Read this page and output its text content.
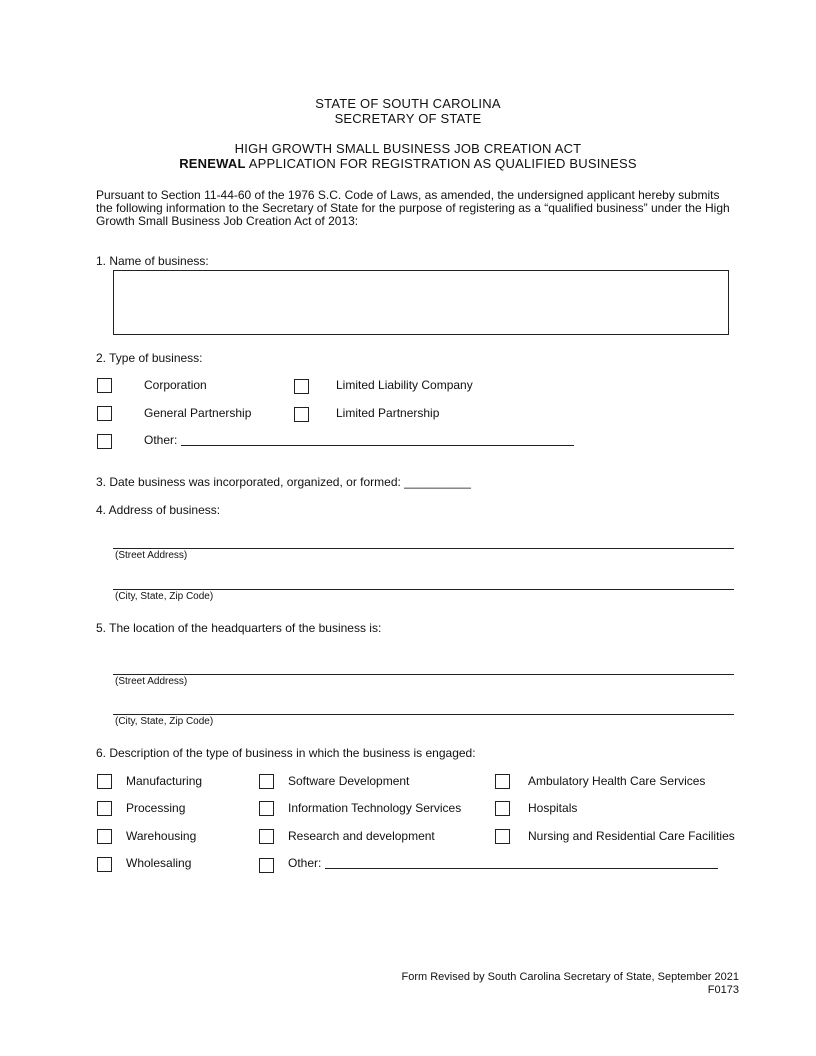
STATE OF SOUTH CAROLINA
SECRETARY OF STATE
HIGH GROWTH SMALL BUSINESS JOB CREATION ACT
RENEWAL APPLICATION FOR REGISTRATION AS QUALIFIED BUSINESS
Pursuant to Section 11-44-60 of the 1976 S.C. Code of Laws, as amended, the undersigned applicant hereby submits
the following information to the Secretary of State for the purpose of registering as a “qualified business” under the High
Growth Small Business Job Creation Act of 2013:
1. Name of business:
2. Type of business:
Corporation	Limited Liability Company
General Partnership	Limited Partnership
Other:
3. Date business was incorporated, organized, or formed: __________
4. Address of business:
(Street Address)
(City, State, Zip Code)
5. The location of the headquarters of the business is:
(Street Address)
(City, State, Zip Code)
6. Description of the type of business in which the business is engaged:
Manufacturing	Software Development	Ambulatory Health Care Services
Processing	Information Technology Services	Hospitals
Warehousing	Research and development	Nursing and Residential Care Facilities
Wholesaling	Other:
Form Revised by South Carolina Secretary of State, September 2021
F0173
